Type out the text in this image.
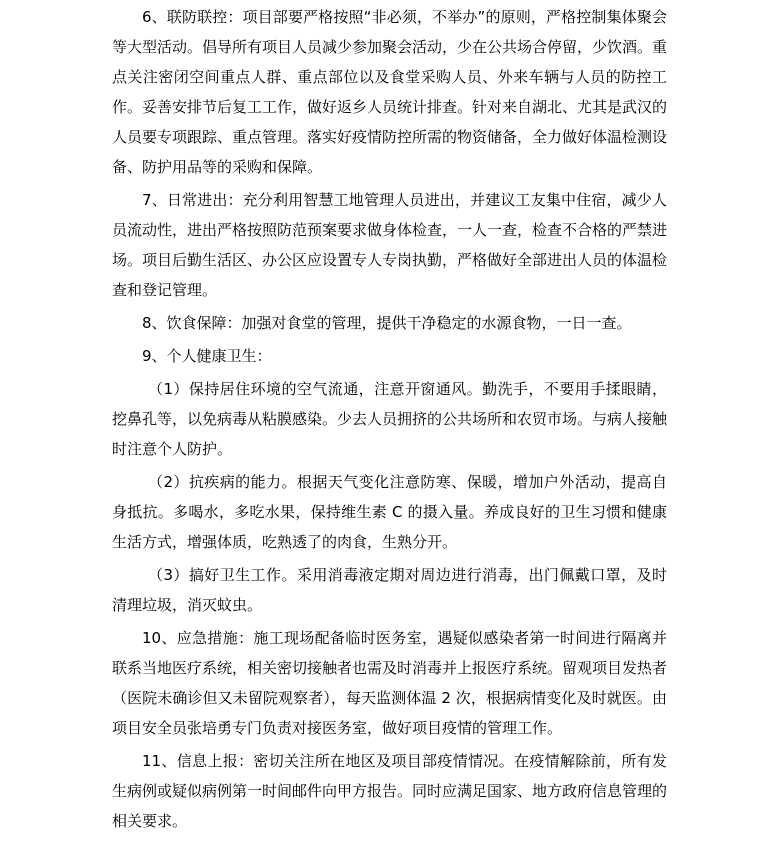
6、联防联控：项目部要严格按照“非必须，不举办”的原则，严格控制集体聚会等大型活动。倡导所有项目人员减少参加聚会活动，少在公共场合停留，少饮酒。重点关注密闭空间重点人群、重点部位以及食堂采购人员、外来车辆与人员的防控工作。妥善安排节后复工工作，做好返乡人员统计排查。针对来自湖北、尤其是武汉的人员要专项跟踪、重点管理。落实好疫情防控所需的物资储备，全力做好体温检测设备、防护用品等的采购和保障。

7、日常进出：充分利用智慧工地管理人员进出，并建议工友集中住宿，减少人员流动性，进出严格按照防范预案要求做身体检查，一人一查，检查不合格的严禁进场。项目后勤生活区、办公区应设置专人专岗执勤，严格做好全部进出人员的体温检查和登记管理。

8、饮食保障：加强对食堂的管理，提供干净稳定的水源食物，一日一查。

9、个人健康卫生：

（1）保持居住环境的空气流通，注意开窗通风。勤洗手，不要用手揉眼睛，挖鼻孔等，以免病毒从粘膜感染。少去人员拥挤的公共场所和农贸市场。与病人接触时注意个人防护。

（2）抗疾病的能力。根据天气变化注意防寒、保暖，增加户外活动，提高自身抵抗。多喝水，多吃水果，保持维生素 C 的摄入量。养成良好的卫生习惯和健康生活方式，增强体质，吃熟透了的肉食，生熟分开。

（3）搞好卫生工作。采用消毒液定期对周边进行消毒，出门佩戴口罩，及时清理垃圾，消灭蚊虫。

10、应急措施：施工现场配备临时医务室，遇疑似感染者第一时间进行隔离并联系当地医疗系统，相关密切接触者也需及时消毒并上报医疗系统。留观项目发热者（医院未确诊但又未留院观察者），每天监测体温 2 次，根据病情变化及时就医。由项目安全员张培勇专门负责对接医务室，做好项目疫情的管理工作。

11、信息上报：密切关注所在地区及项目部疫情情况。在疫情解除前，所有发生病例或疑似病例第一时间邮件向甲方报告。同时应满足国家、地方政府信息管理的相关要求。
